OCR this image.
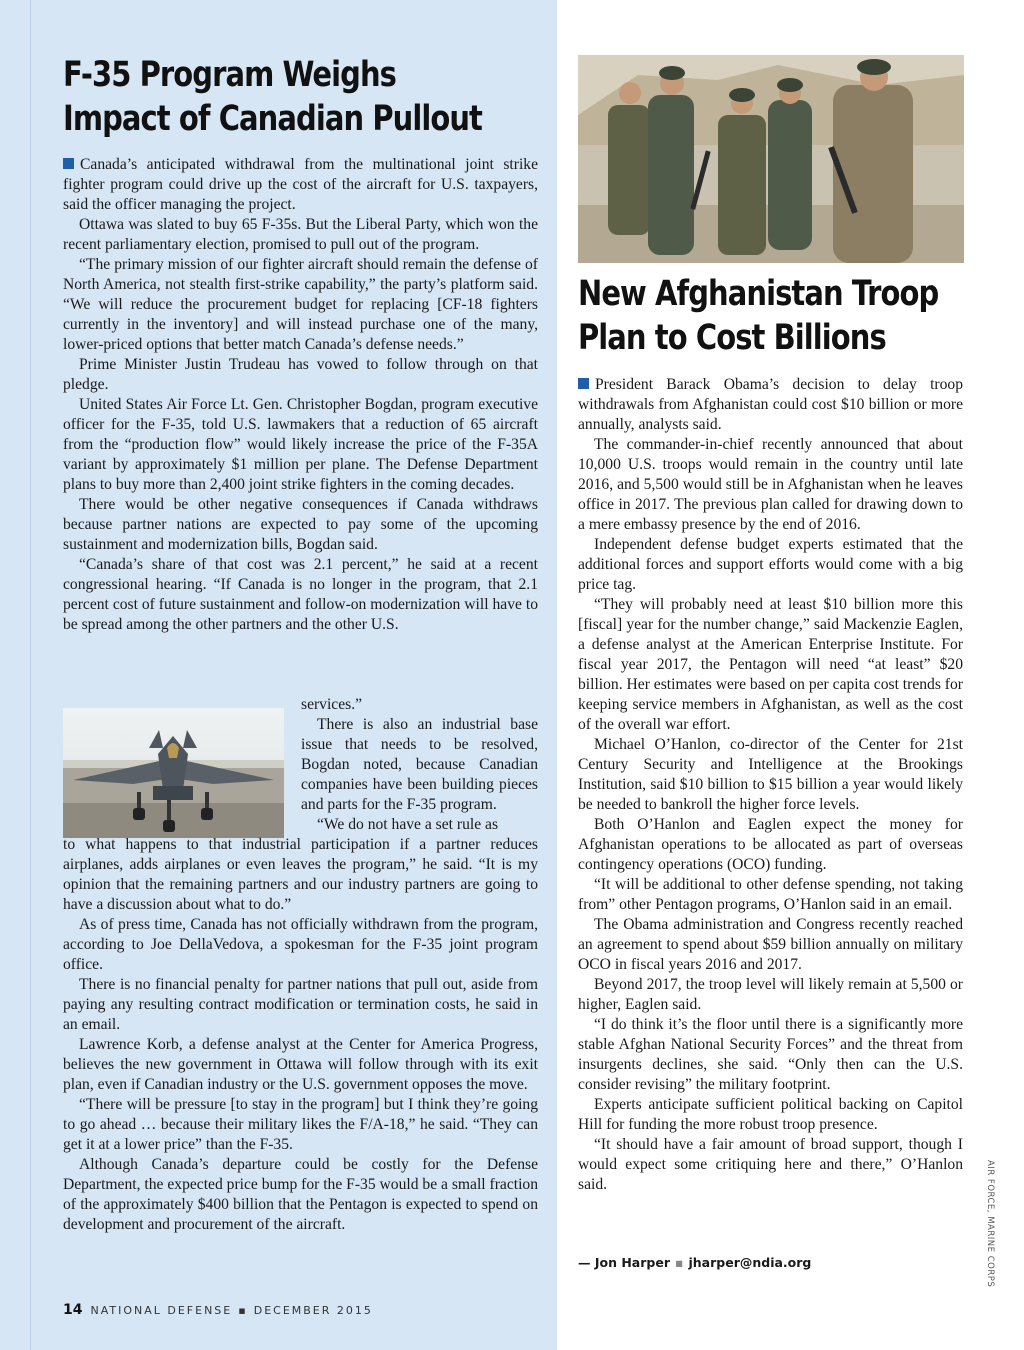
F-35 Program Weighs
Impact of Canadian Pullout

Canada’s anticipated withdrawal from the multinational joint strike fighter program could drive up the cost of the aircraft for U.S. taxpayers, said the officer managing the project.

Ottawa was slated to buy 65 F-35s. But the Liberal Party, which won the recent parliamentary election, promised to pull out of the program.

“The primary mission of our fighter aircraft should remain the defense of North America, not stealth first-strike capability,” the party’s platform said. “We will reduce the procurement budget for replacing [CF-18 fighters currently in the inventory] and will instead purchase one of the many, lower-priced options that better match Canada’s defense needs.”

Prime Minister Justin Trudeau has vowed to follow through on that pledge.

United States Air Force Lt. Gen. Christopher Bogdan, program executive officer for the F-35, told U.S. lawmakers that a reduction of 65 aircraft from the “production flow” would likely increase the price of the F-35A variant by approximately $1 million per plane. The Defense Department plans to buy more than 2,400 joint strike fighters in the coming decades.

There would be other negative consequences if Canada withdraws because partner nations are expected to pay some of the upcoming sustainment and modernization bills, Bogdan said.

“Canada’s share of that cost was 2.1 percent,” he said at a recent congressional hearing. “If Canada is no longer in the program, that 2.1 percent cost of future sustainment and follow-on modernization will have to be spread among the other partners and the other U.S.

services.”

There is also an industrial base issue that needs to be resolved, Bogdan noted, because Canadian companies have been building pieces and parts for the F-35 program.

“We do not have a set rule as

to what happens to that industrial participation if a partner reduces airplanes, adds airplanes or even leaves the program,” he said. “It is my opinion that the remaining partners and our industry partners are going to have a discussion about what to do.”

As of press time, Canada has not officially withdrawn from the program, according to Joe DellaVedova, a spokesman for the F-35 joint program office.

There is no financial penalty for partner nations that pull out, aside from paying any resulting contract modification or termination costs, he said in an email.

Lawrence Korb, a defense analyst at the Center for America Progress, believes the new government in Ottawa will follow through with its exit plan, even if Canadian industry or the U.S. government opposes the move.

“There will be pressure [to stay in the program] but I think they’re going to go ahead … because their military likes the F/A-18,” he said. “They can get it at a lower price” than the F-35.

Although Canada’s departure could be costly for the Defense Department, the expected price bump for the F-35 would be a small fraction of the approximately $400 billion that the Pentagon is expected to spend on development and procurement of the aircraft.

New Afghanistan Troop
Plan to Cost Billions

President Barack Obama’s decision to delay troop withdrawals from Afghanistan could cost $10 billion or more annually, analysts said.

The commander-in-chief recently announced that about 10,000 U.S. troops would remain in the country until late 2016, and 5,500 would still be in Afghanistan when he leaves office in 2017. The previous plan called for drawing down to a mere embassy presence by the end of 2016.

Independent defense budget experts estimated that the additional forces and support efforts would come with a big price tag.

“They will probably need at least $10 billion more this [fiscal] year for the number change,” said Mackenzie Eaglen, a defense analyst at the American Enterprise Institute. For fiscal year 2017, the Pentagon will need “at least” $20 billion. Her estimates were based on per capita cost trends for keeping service members in Afghanistan, as well as the cost of the overall war effort.

Michael O’Hanlon, co-director of the Center for 21st Century Security and Intelligence at the Brookings Institution, said $10 billion to $15 billion a year would likely be needed to bankroll the higher force levels.

Both O’Hanlon and Eaglen expect the money for Afghanistan operations to be allocated as part of overseas contingency operations (OCO) funding.

“It will be additional to other defense spending, not taking from” other Pentagon programs, O’Hanlon said in an email.

The Obama administration and Congress recently reached an agreement to spend about $59 billion annually on military OCO in fiscal years 2016 and 2017.

Beyond 2017, the troop level will likely remain at 5,500 or higher, Eaglen said.

“I do think it’s the floor until there is a significantly more stable Afghan National Security Forces” and the threat from insurgents declines, she said. “Only then can the U.S. consider revising” the military footprint.

Experts anticipate sufficient political backing on Capitol Hill for funding the more robust troop presence.

“It should have a fair amount of broad support, though I would expect some critiquing here and there,” O’Hanlon said.

— Jon Harper ▪ jharper@ndia.org	AIR FORCE, MARINE CORPS
14 NATIONAL DEFENSE ▪ DECEMBER 2015
